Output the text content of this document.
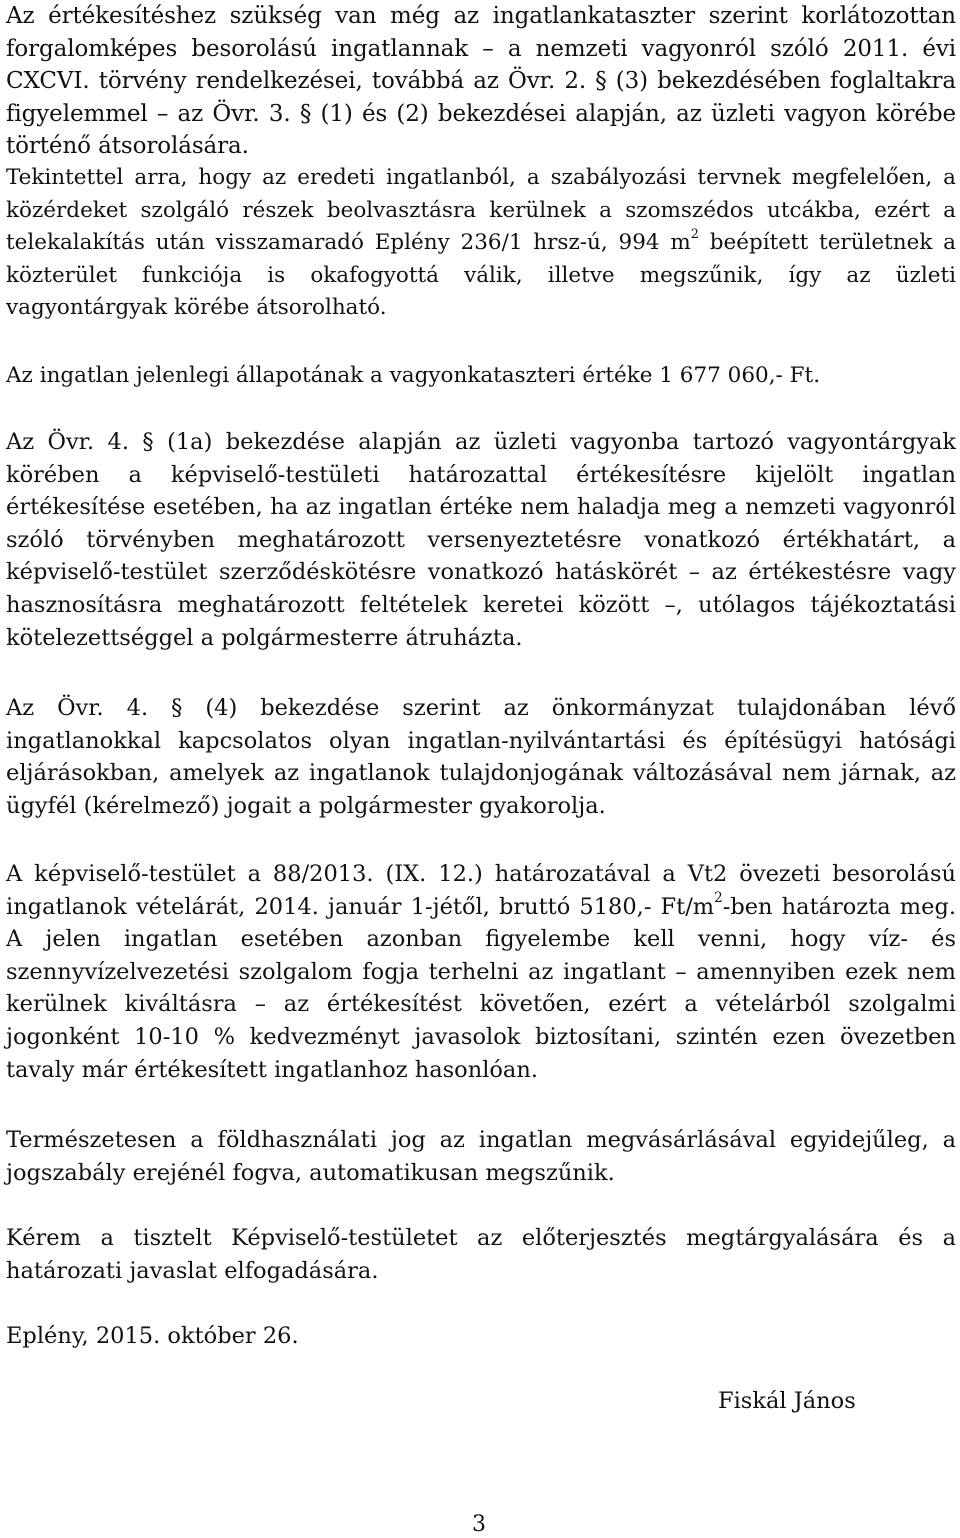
Az értékesítéshez szükség van még az ingatlankataszter szerint korlátozottan forgalomképes besorolású ingatlannak – a nemzeti vagyonról szóló 2011. évi CXCVI. törvény rendelkezései, továbbá az Övr. 2. § (3) bekezdésében foglaltakra figyelemmel – az Övr. 3. § (1) és (2) bekezdései alapján, az üzleti vagyon körébe történő átsorolására.

Tekintettel arra, hogy az eredeti ingatlanból, a szabályozási tervnek megfelelően, a közérdeket szolgáló részek beolvasztásra kerülnek a szomszédos utcákba, ezért a telekalakítás után visszamaradó Eplény 236/1 hrsz-ú, 994 $m^2$ beépített területnek a közterület funkciója is okafogyottá válik, illetve megszűnik, így az üzleti vagyontárgyak körébe átsorolható.

Az ingatlan jelenlegi állapotának a vagyonkataszteri értéke 1 677 060,- Ft.

Az Övr. 4. § (1a) bekezdése alapján az üzleti vagyonba tartozó vagyontárgyak körében a képviselő-testületi határozattal értékesítésre kijelölt ingatlan értékesítése esetében, ha az ingatlan értéke nem haladja meg a nemzeti vagyonról szóló törvényben meghatározott versenyeztetésre vonatkozó értékhatárt, a képviselő-testület szerződéskötésre vonatkozó hatáskörét – az értékestésre vagy hasznosításra meghatározott feltételek keretei között –, utólagos tájékoztatási kötelezettséggel a polgármesterre átruházta.

Az Övr. 4. § (4) bekezdése szerint az önkormányzat tulajdonában lévő ingatlanokkal kapcsolatos olyan ingatlan-nyilvántartási és építésügyi hatósági eljárásokban, amelyek az ingatlanok tulajdonjogának változásával nem járnak, az ügyfél (kérelmező) jogait a polgármester gyakorolja.

A képviselő-testület a 88/2013. (IX. 12.) határozatával a Vt2 övezeti besorolású ingatlanok vételárát, 2014. január 1-jétől, bruttó 5180,- $Ft/m^2$-ben határozta meg. A jelen ingatlan esetében azonban figyelembe kell venni, hogy víz- és szennyvízelvezetési szolgalom fogja terhelni az ingatlant – amennyiben ezek nem kerülnek kiváltásra – az értékesítést követően, ezért a vételárból szolgalmi jogonként 10-10 % kedvezményt javasolok biztosítani, szintén ezen övezetben tavaly már értékesített ingatlanhoz hasonlóan.

Természetesen a földhasználati jog az ingatlan megvásárlásával egyidejűleg, a jogszabály erejénél fogva, automatikusan megszűnik.

Kérem a tisztelt Képviselő-testületet az előterjesztés megtárgyalására és a határozati javaslat elfogadására.

Eplény, 2015. október 26.
Fiskál János
3
